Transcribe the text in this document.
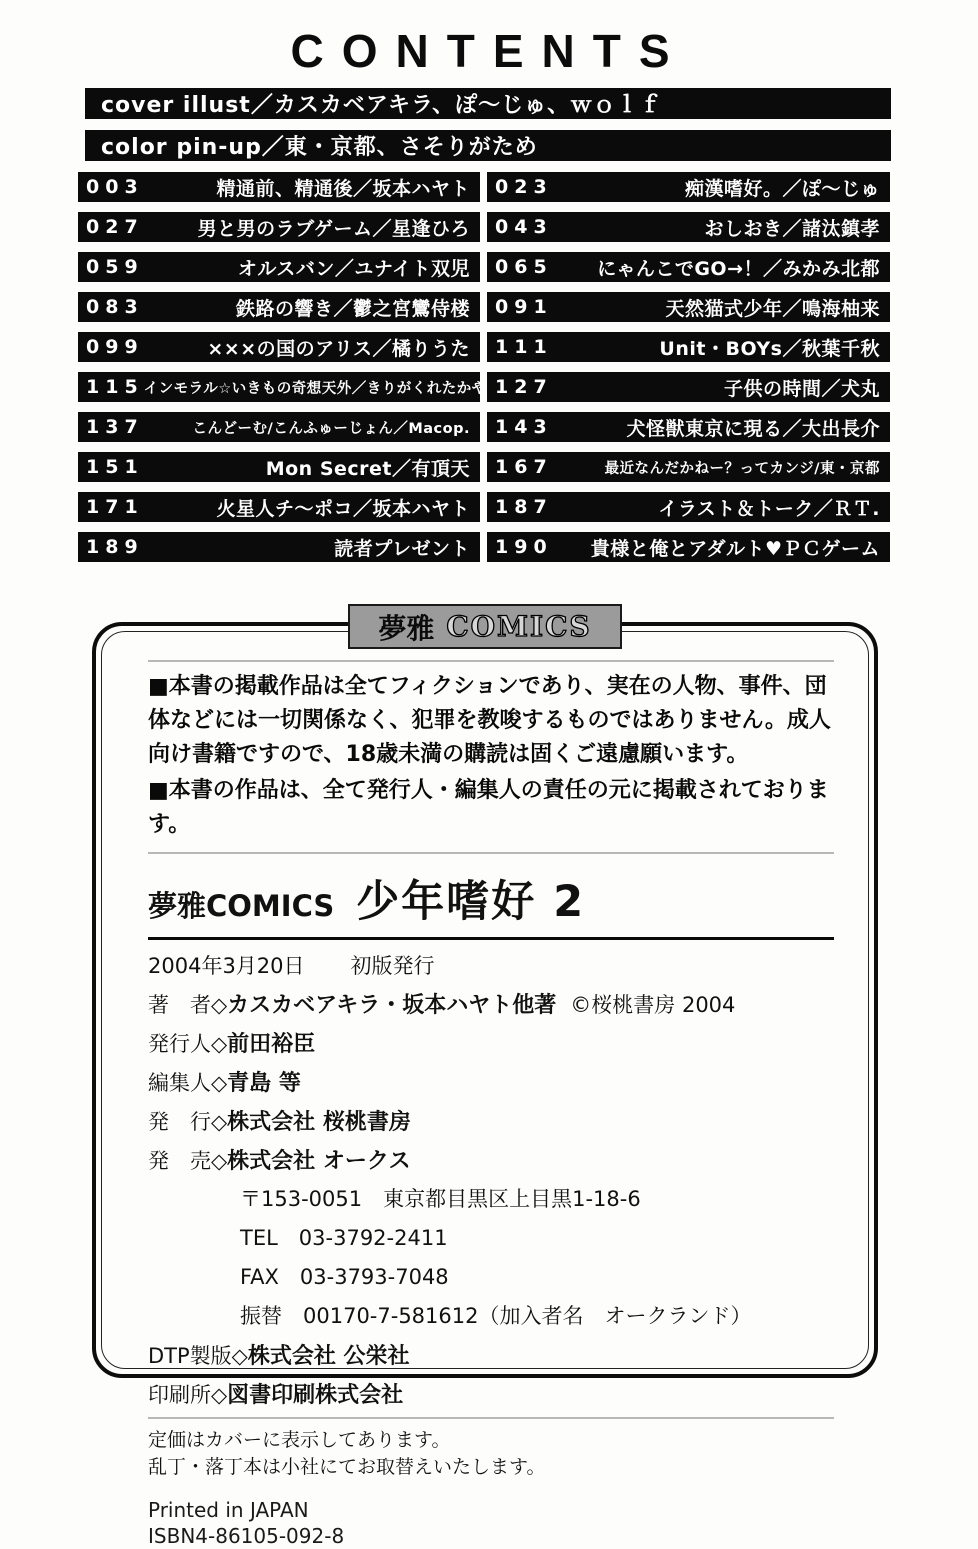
CONTENTS
cover illust／カスカベアキラ、ぽ～じゅ、ｗｏｌｆ
color pin-up／東・京都、さそりがため
003	精通前、精通後／坂本ハヤト 023	痴漢嗜好。／ぽ～じゅ
027	男と男のラブゲーム／星逢ひろ 043	おしおき／諸汰鎮孝
059	オルスバン／ユナイト双児 065 にゃんこでGO→！／みかみ北都
083	鉄路の響き／鬱之宮鸞侍楼 091	天然猫式少年／鳴海柚来
099	×××の国のアリス／橘りうた 111	Unit・BOYs／秋葉千秋
115 インモラル☆いきもの奇想天外／きりがくれたかや 127	子供の時間／犬丸
137	こんどーむ/こんふゅーじょん／Macop. 143	犬怪獣東京に現る／大出長介
151	Mon Secret／有頂天 167	最近なんだかねー？ってカンジ/東・京都
171	火星人チ～ポコ／坂本ハヤト 187	イラスト＆トーク／ＲＴ.
189	読者プレゼント 190 貴様と俺とアダルト♥ＰＣゲーム
夢雅 COMICS

■本書の掲載作品は全てフィクションであり、実在の人物、事件、団体などには一切関係なく、犯罪を教唆するものではありません。成人向け書籍ですので、18歳未満の購読は固くご遠慮願います。

■本書の作品は、全て発行人・編集人の責任の元に掲載されております。

夢雅COMICS 少年嗜好 2

2004年3月20日 初版発行

著　者◇カスカベアキラ・坂本ハヤト他著 ©桜桃書房 2004

発行人◇前田裕臣

編集人◇青島 等

発　行◇株式会社 桜桃書房

発　売◇株式会社 オークス

〒153-0051　東京都目黒区上目黒1-18-6

TEL　03-3792-2411

FAX　03-3793-7048

振替　00170-7-581612（加入者名　オークランド）

DTP製版◇株式会社 公栄社

印刷所◇図書印刷株式会社

定価はカバーに表示してあります。

乱丁・落丁本は小社にてお取替えいたします。

Printed in JAPAN

ISBN4-86105-092-8
